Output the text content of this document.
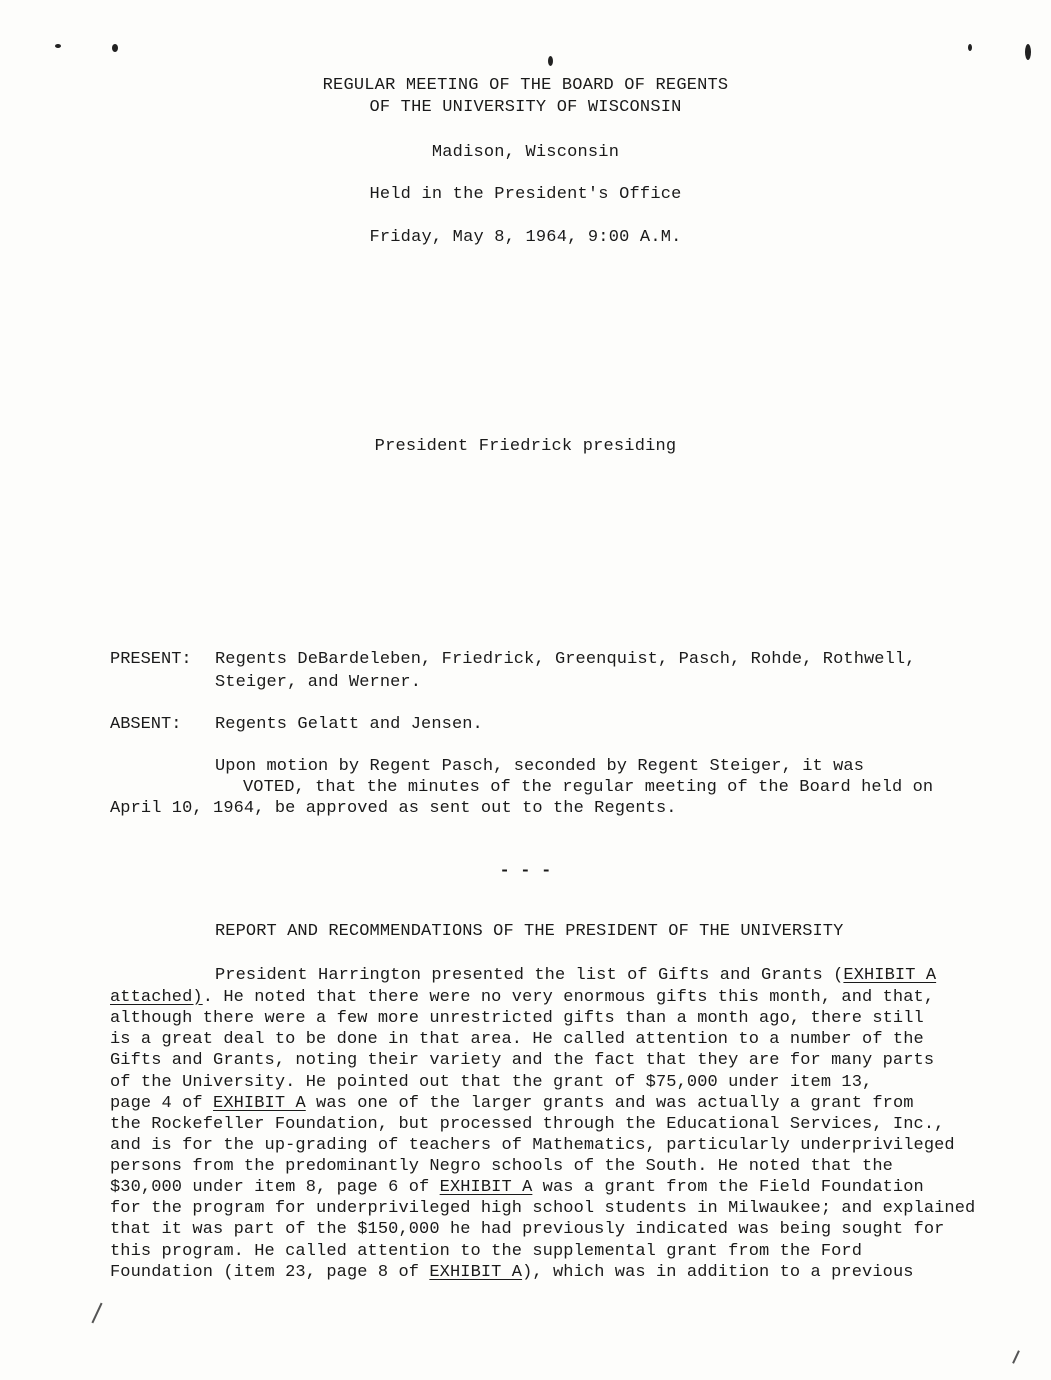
REGULAR MEETING OF THE BOARD OF REGENTS
OF THE UNIVERSITY OF WISCONSIN
Madison, Wisconsin
Held in the President's Office
Friday, May 8, 1964, 9:00 A.M.
President Friedrick presiding
PRESENT: Regents DeBardeleben, Friedrick, Greenquist, Pasch, Rohde, Rothwell,
Steiger, and Werner.
ABSENT: Regents Gelatt and Jensen.
Upon motion by Regent Pasch, seconded by Regent Steiger, it was
VOTED, that the minutes of the regular meeting of the Board held on
April 10, 1964, be approved as sent out to the Regents.
- - -
REPORT AND RECOMMENDATIONS OF THE PRESIDENT OF THE UNIVERSITY
President Harrington presented the list of Gifts and Grants (EXHIBIT A
attached). He noted that there were no very enormous gifts this month, and that,
although there were a few more unrestricted gifts than a month ago, there still
is a great deal to be done in that area. He called attention to a number of the
Gifts and Grants, noting their variety and the fact that they are for many parts
of the University. He pointed out that the grant of $75,000 under item 13,
page 4 of EXHIBIT A was one of the larger grants and was actually a grant from
the Rockefeller Foundation, but processed through the Educational Services, Inc.,
and is for the up-grading of teachers of Mathematics, particularly underprivileged
persons from the predominantly Negro schools of the South. He noted that the
$30,000 under item 8, page 6 of EXHIBIT A was a grant from the Field Foundation
for the program for underprivileged high school students in Milwaukee; and explained
that it was part of the $150,000 he had previously indicated was being sought for
this program. He called attention to the supplemental grant from the Ford
Foundation (item 23, page 8 of EXHIBIT A), which was in addition to a previous
